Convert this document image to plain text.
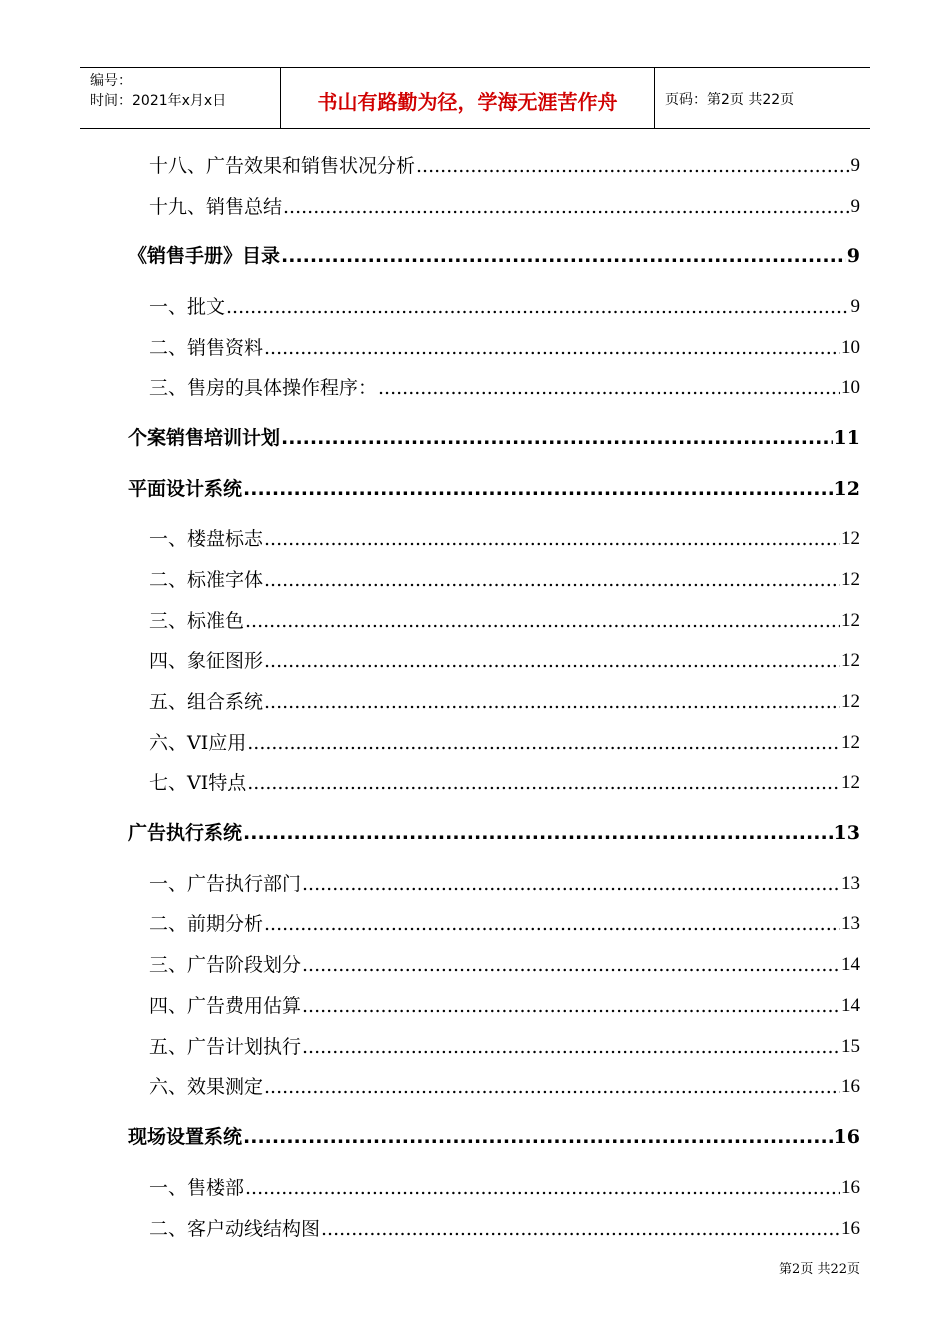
编号：
时间：2021年x月x日	书山有路勤为径，学海无涯苦作舟	页码：第2页 共22页
十八、广告效果和销售状况分析 .....	9
十九、销售总结 .....	9
《销售手册》目录 .....	9
一、批文 .....	9
二、销售资料 .....	10
三、售房的具体操作程序： .....	10
个案销售培训计划 .....	11
平面设计系统 .....	12
一、楼盘标志 .....	12
二、标准字体 .....	12
三、标准色 .....	12
四、象征图形 .....	12
五、组合系统 .....	12
六、VI应用 .....	12
七、VI特点 .....	12
广告执行系统 .....	13
一、广告执行部门 .....	13
二、前期分析 .....	13
三、广告阶段划分 .....	14
四、广告费用估算 .....	14
五、广告计划执行 .....	15
六、效果测定 .....	16
现场设置系统 .....	16
一、售楼部 .....	16
二、客户动线结构图 .....	16
第2页 共22页
